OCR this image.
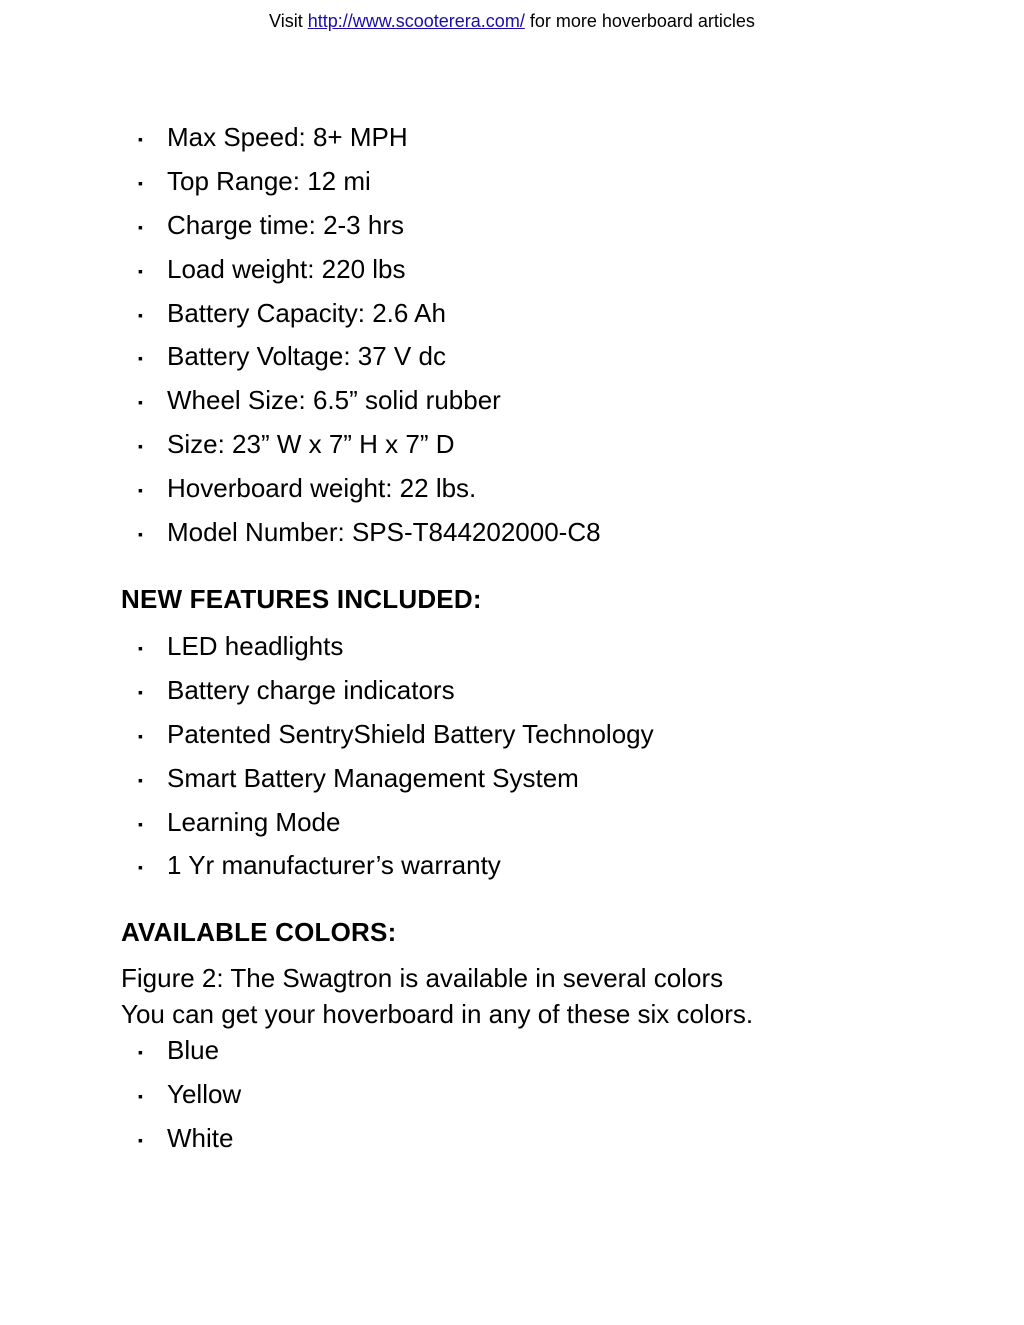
Visit http://www.scooterera.com/ for more hoverboard articles
▪ Max Speed: 8+ MPH
▪ Top Range: 12 mi
▪ Charge time: 2-3 hrs
▪ Load weight: 220 lbs
▪ Battery Capacity: 2.6 Ah
▪ Battery Voltage: 37 V dc
▪ Wheel Size: 6.5” solid rubber
▪ Size: 23” W x 7” H x 7” D
▪ Hoverboard weight: 22 lbs.
▪ Model Number: SPS-T844202000-C8
NEW FEATURES INCLUDED:
▪ LED headlights
▪ Battery charge indicators
▪ Patented SentryShield Battery Technology
▪ Smart Battery Management System
▪ Learning Mode
▪ 1 Yr manufacturer’s warranty
AVAILABLE COLORS:
Figure 2: The Swagtron is available in several colors
You can get your hoverboard in any of these six colors.
▪ Blue
▪ Yellow
▪ White
